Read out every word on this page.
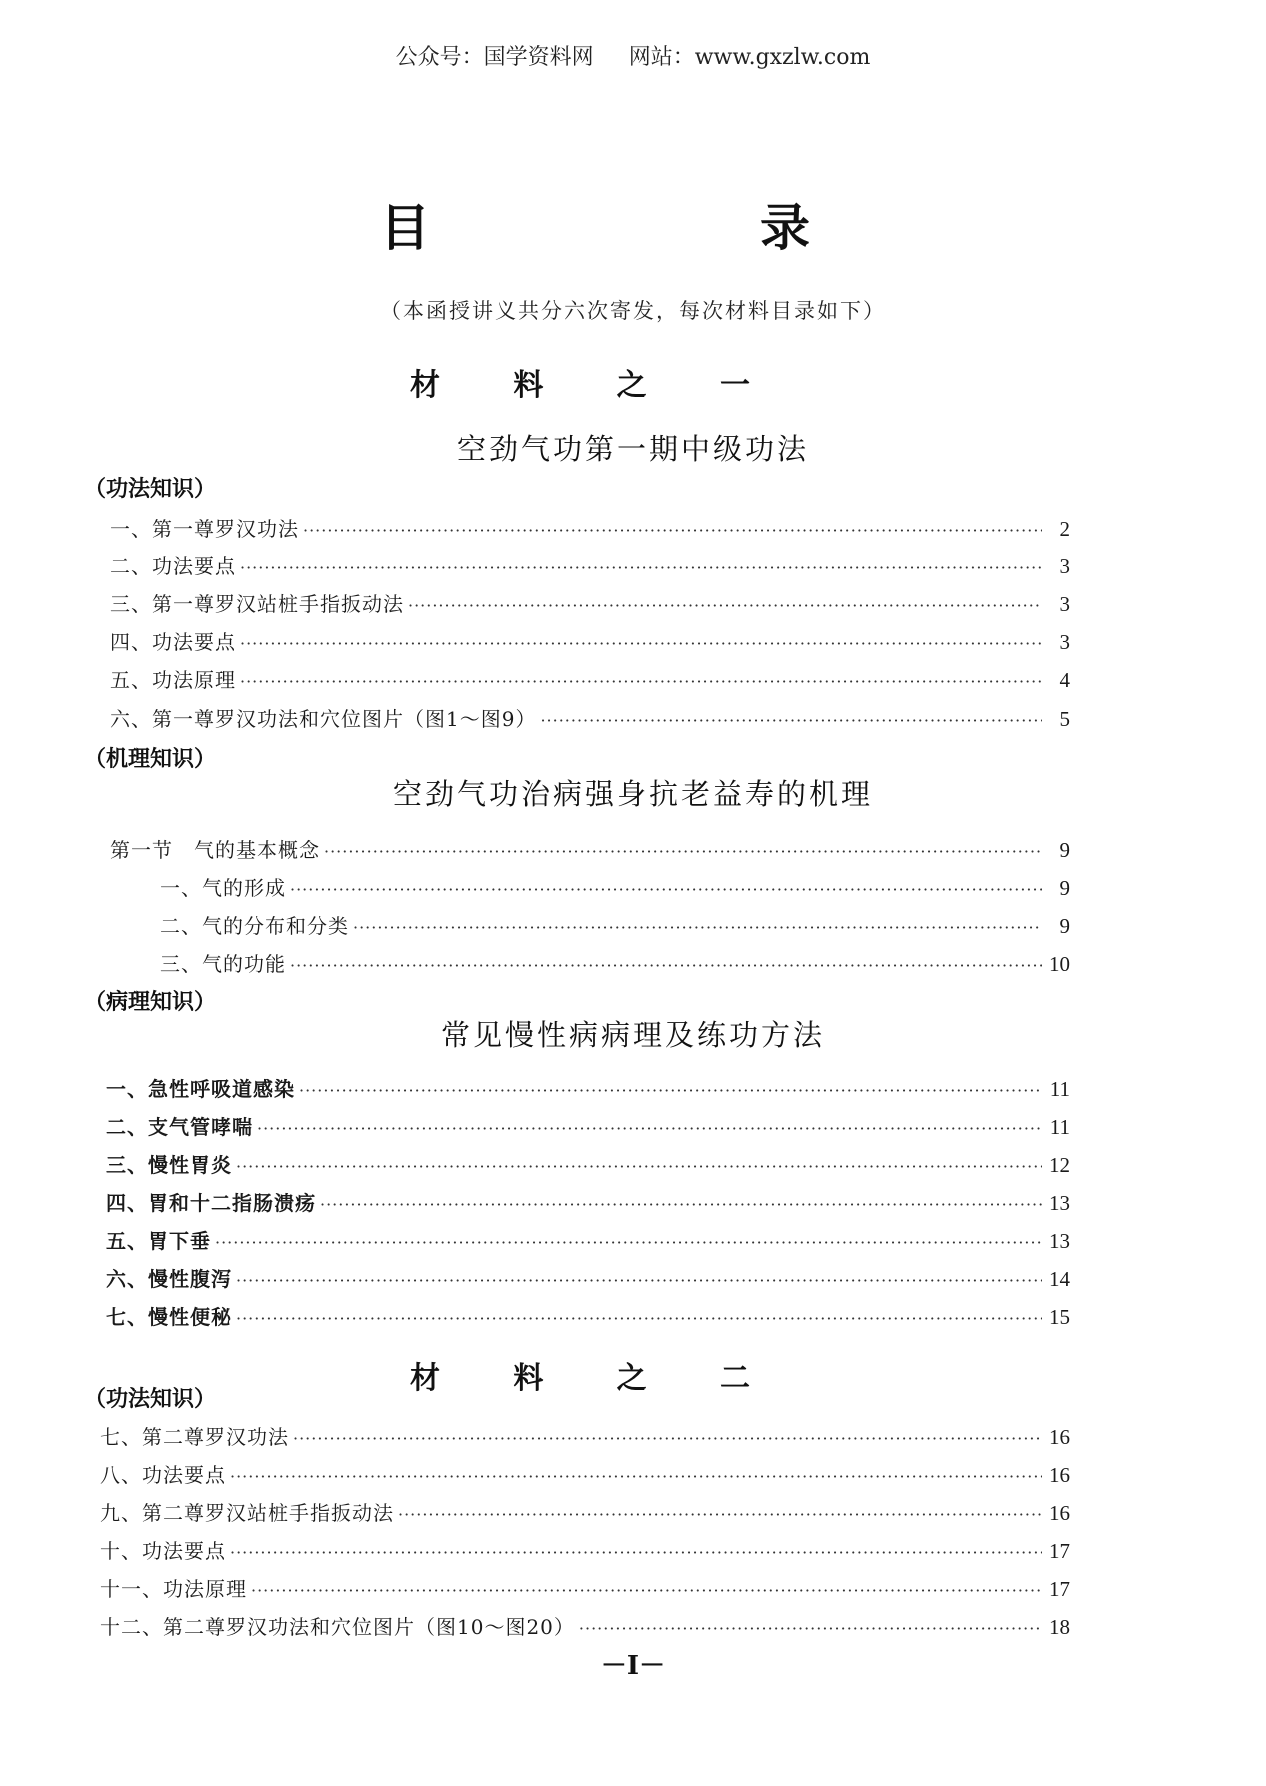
公众号：国学资料网 网站：www.gxzlw.com
目	录
（本函授讲义共分六次寄发，每次材料目录如下）
材 料 之 一
空劲气功第一期中级功法
（功法知识）
一、第一尊罗汉功法 ·····	2
二、功法要点 ·····	3
三、第一尊罗汉站桩手指扳动法 ·····	3
四、功法要点 ·····	3
五、功法原理 ·····	4
六、第一尊罗汉功法和穴位图片（图1～图9） ·····	5
（机理知识）
空劲气功治病强身抗老益寿的机理
第一节　气的基本概念 ·····	9
一、气的形成 ·····	9
二、气的分布和分类 ·····	9
三、气的功能 ·····	10
（病理知识）
常见慢性病病理及练功方法
一、急性呼吸道感染 ·····	11
二、支气管哮喘 ·····	11
三、慢性胃炎 ·····	12
四、胃和十二指肠溃疡 ·····	13
五、胃下垂 ·····	13
六、慢性腹泻 ·····	14
七、慢性便秘 ·····	15
材 料 之 二
（功法知识）
七、第二尊罗汉功法 ·····	16
八、功法要点 ·····	16
九、第二尊罗汉站桩手指扳动法 ·····	16
十、功法要点 ·····	17
十一、功法原理 ·····	17
十二、第二尊罗汉功法和穴位图片（图10～图20） ·····	18
－I－
